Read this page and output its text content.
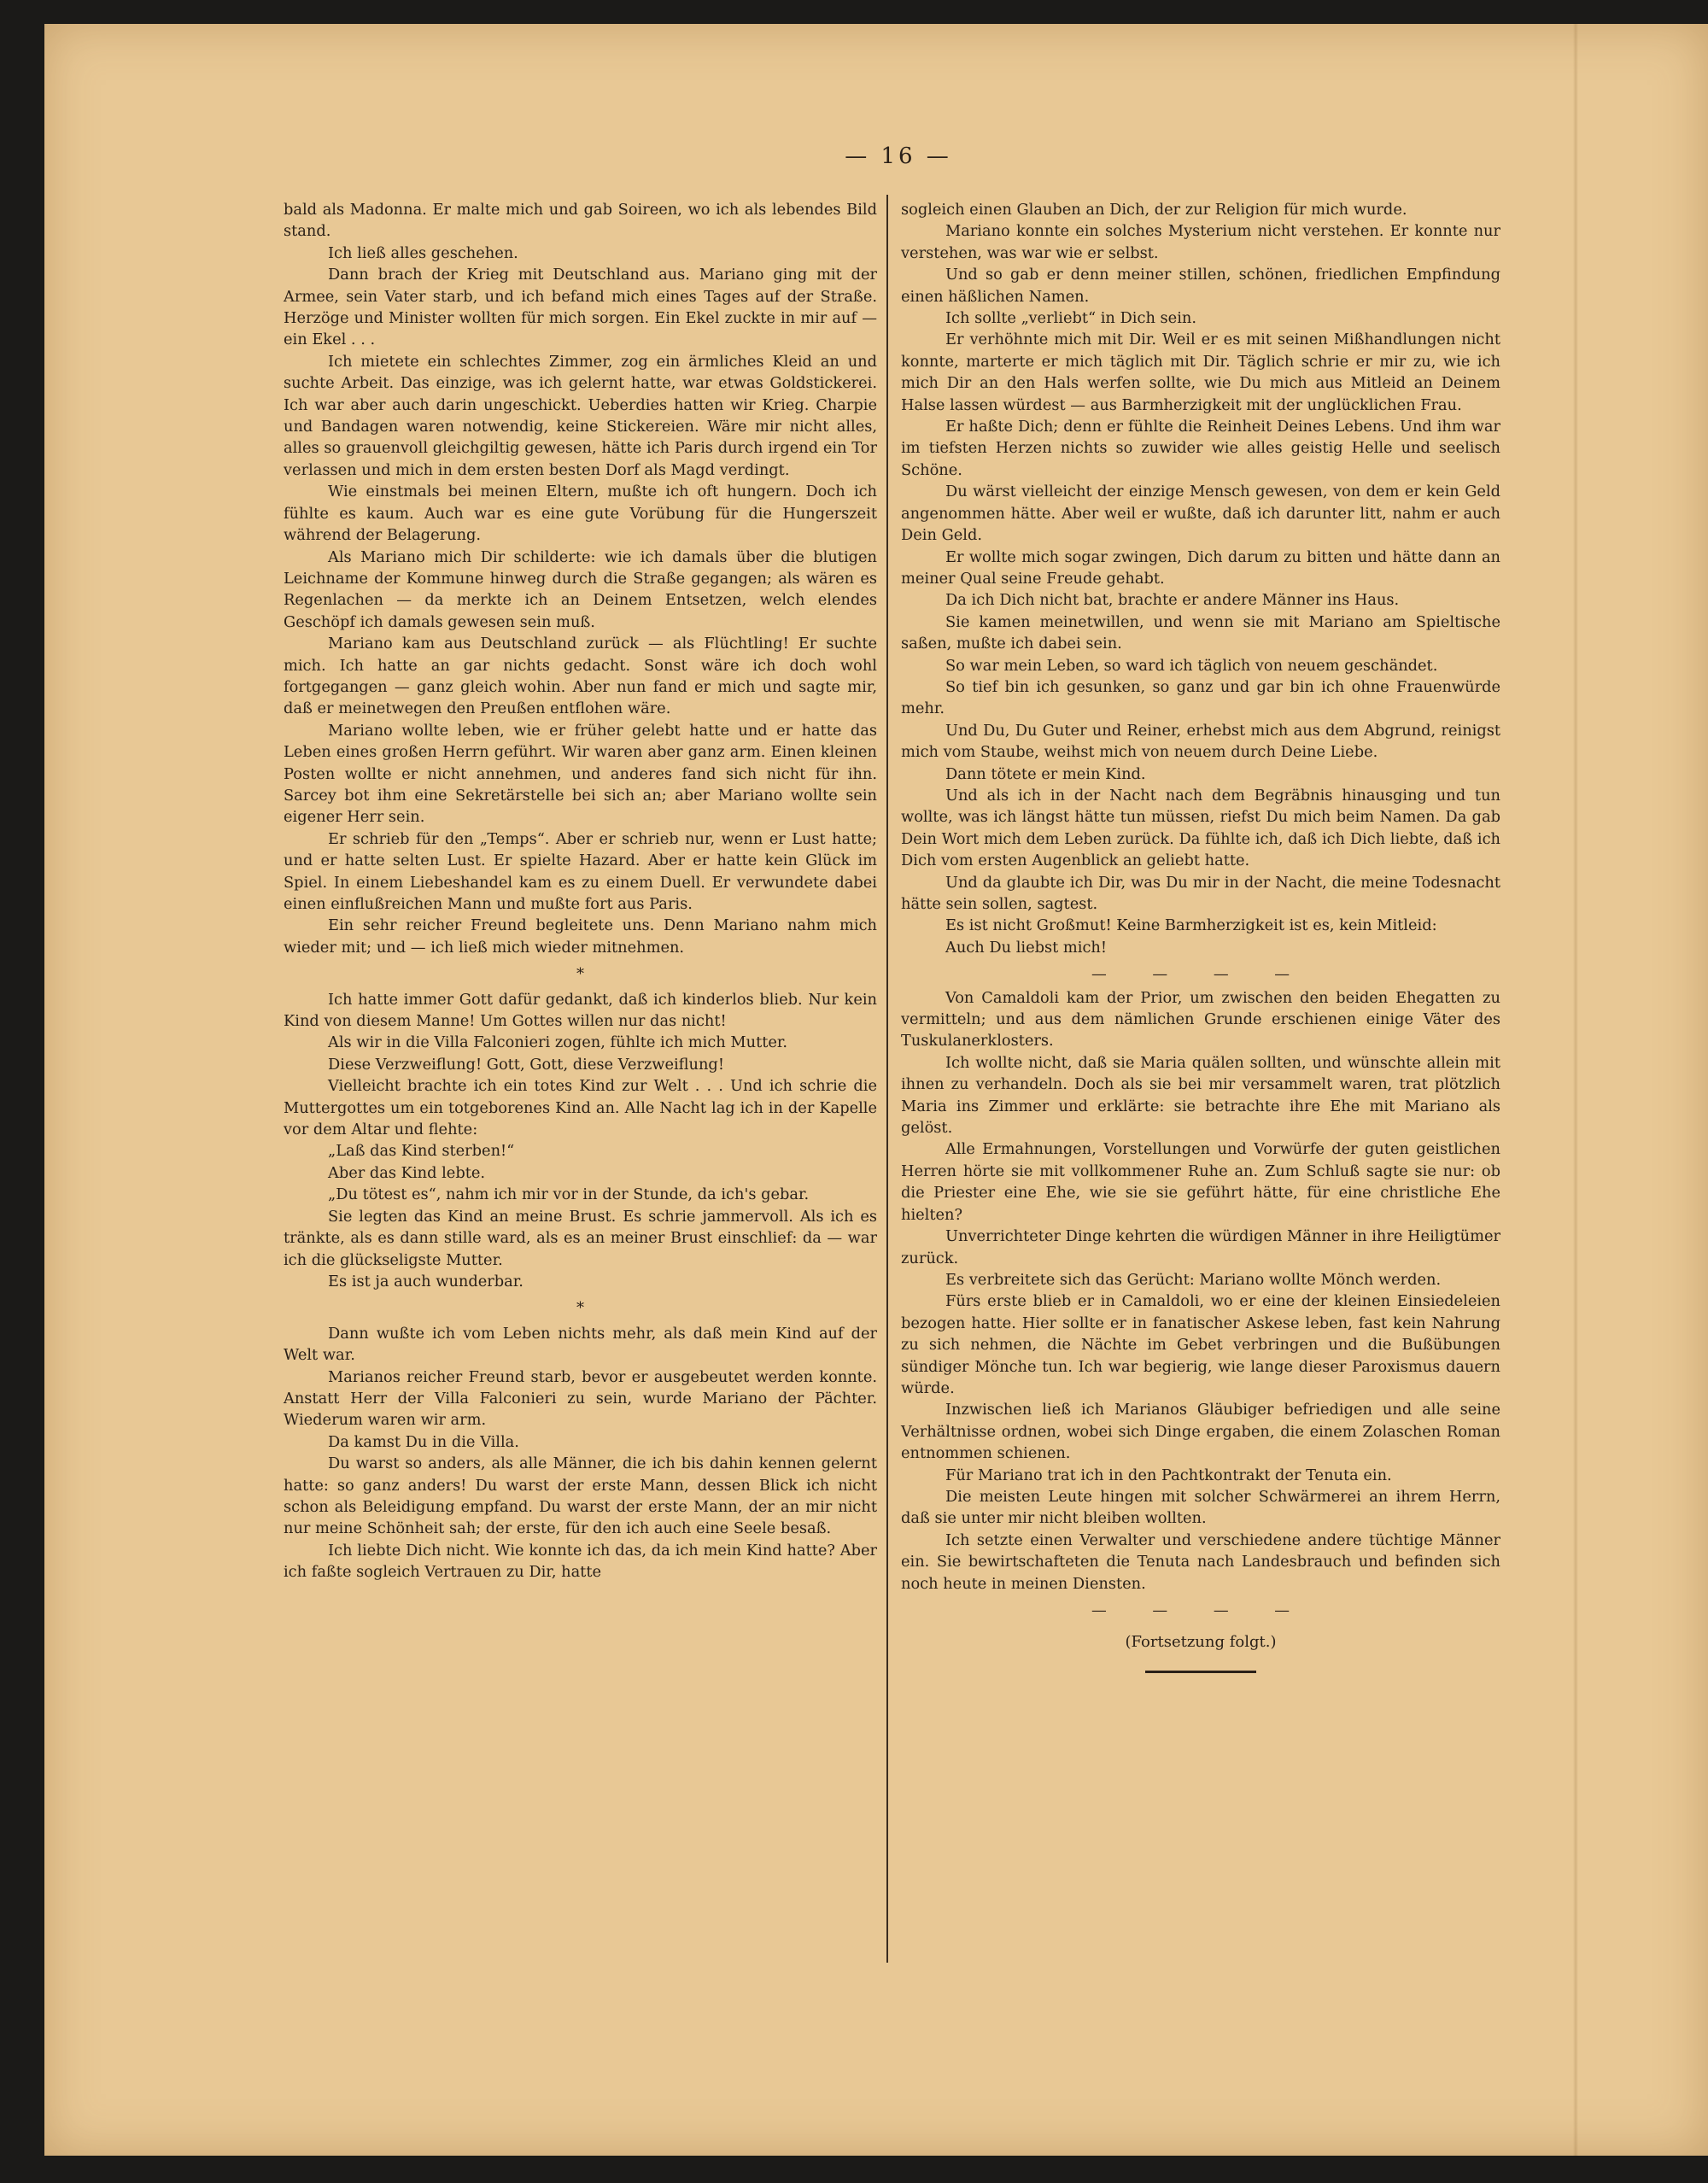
— 16 —

bald als Madonna. Er malte mich und gab Soireen, wo ich als lebendes Bild stand.

Ich ließ alles geschehen.

Dann brach der Krieg mit Deutschland aus. Mariano ging mit der Armee, sein Vater starb, und ich befand mich eines Tages auf der Straße. Herzöge und Minister wollten für mich sorgen. Ein Ekel zuckte in mir auf — ein Ekel . . .

Ich mietete ein schlechtes Zimmer, zog ein ärmliches Kleid an und suchte Arbeit. Das einzige, was ich gelernt hatte, war etwas Goldstickerei. Ich war aber auch darin ungeschickt. Ueberdies hatten wir Krieg. Charpie und Bandagen waren notwendig, keine Stickereien. Wäre mir nicht alles, alles so grauenvoll gleichgiltig gewesen, hätte ich Paris durch irgend ein Tor verlassen und mich in dem ersten besten Dorf als Magd verdingt.

Wie einstmals bei meinen Eltern, mußte ich oft hungern. Doch ich fühlte es kaum. Auch war es eine gute Vorübung für die Hungerszeit während der Belagerung.

Als Mariano mich Dir schilderte: wie ich damals über die blutigen Leichname der Kommune hinweg durch die Straße gegangen; als wären es Regenlachen — da merkte ich an Deinem Entsetzen, welch elendes Geschöpf ich damals gewesen sein muß.

Mariano kam aus Deutschland zurück — als Flüchtling! Er suchte mich. Ich hatte an gar nichts gedacht. Sonst wäre ich doch wohl fortgegangen — ganz gleich wohin. Aber nun fand er mich und sagte mir, daß er meinetwegen den Preußen entflohen wäre.

Mariano wollte leben, wie er früher gelebt hatte und er hatte das Leben eines großen Herrn geführt. Wir waren aber ganz arm. Einen kleinen Posten wollte er nicht annehmen, und anderes fand sich nicht für ihn. Sarcey bot ihm eine Sekretärstelle bei sich an; aber Mariano wollte sein eigener Herr sein.

Er schrieb für den „Temps“. Aber er schrieb nur, wenn er Lust hatte; und er hatte selten Lust. Er spielte Hazard. Aber er hatte kein Glück im Spiel. In einem Liebeshandel kam es zu einem Duell. Er verwundete dabei einen einflußreichen Mann und mußte fort aus Paris.

Ein sehr reicher Freund begleitete uns. Denn Mariano nahm mich wieder mit; und — ich ließ mich wieder mitnehmen.

*

Ich hatte immer Gott dafür gedankt, daß ich kinderlos blieb. Nur kein Kind von diesem Manne! Um Gottes willen nur das nicht!

Als wir in die Villa Falconieri zogen, fühlte ich mich Mutter.

Diese Verzweiflung! Gott, Gott, diese Verzweiflung!

Vielleicht brachte ich ein totes Kind zur Welt . . . Und ich schrie die Muttergottes um ein totgeborenes Kind an. Alle Nacht lag ich in der Kapelle vor dem Altar und flehte:

„Laß das Kind sterben!“

Aber das Kind lebte.

„Du tötest es“, nahm ich mir vor in der Stunde, da ich's gebar.

Sie legten das Kind an meine Brust. Es schrie jammervoll. Als ich es tränkte, als es dann stille ward, als es an meiner Brust einschlief: da — war ich die glückseligste Mutter.

Es ist ja auch wunderbar.

*

Dann wußte ich vom Leben nichts mehr, als daß mein Kind auf der Welt war.

Marianos reicher Freund starb, bevor er ausgebeutet werden konnte. Anstatt Herr der Villa Falconieri zu sein, wurde Mariano der Pächter. Wiederum waren wir arm.

Da kamst Du in die Villa.

Du warst so anders, als alle Männer, die ich bis dahin kennen gelernt hatte: so ganz anders! Du warst der erste Mann, dessen Blick ich nicht schon als Beleidigung empfand. Du warst der erste Mann, der an mir nicht nur meine Schönheit sah; der erste, für den ich auch eine Seele besaß.

Ich liebte Dich nicht. Wie konnte ich das, da ich mein Kind hatte? Aber ich faßte sogleich Vertrauen zu Dir, hatte

sogleich einen Glauben an Dich, der zur Religion für mich wurde.

Mariano konnte ein solches Mysterium nicht verstehen. Er konnte nur verstehen, was war wie er selbst.

Und so gab er denn meiner stillen, schönen, friedlichen Empfindung einen häßlichen Namen.

Ich sollte „verliebt“ in Dich sein.

Er verhöhnte mich mit Dir. Weil er es mit seinen Mißhandlungen nicht konnte, marterte er mich täglich mit Dir. Täglich schrie er mir zu, wie ich mich Dir an den Hals werfen sollte, wie Du mich aus Mitleid an Deinem Halse lassen würdest — aus Barmherzigkeit mit der unglücklichen Frau.

Er haßte Dich; denn er fühlte die Reinheit Deines Lebens. Und ihm war im tiefsten Herzen nichts so zuwider wie alles geistig Helle und seelisch Schöne.

Du wärst vielleicht der einzige Mensch gewesen, von dem er kein Geld angenommen hätte. Aber weil er wußte, daß ich darunter litt, nahm er auch Dein Geld.

Er wollte mich sogar zwingen, Dich darum zu bitten und hätte dann an meiner Qual seine Freude gehabt.

Da ich Dich nicht bat, brachte er andere Männer ins Haus.

Sie kamen meinetwillen, und wenn sie mit Mariano am Spieltische saßen, mußte ich dabei sein.

So war mein Leben, so ward ich täglich von neuem geschändet.

So tief bin ich gesunken, so ganz und gar bin ich ohne Frauenwürde mehr.

Und Du, Du Guter und Reiner, erhebst mich aus dem Abgrund, reinigst mich vom Staube, weihst mich von neuem durch Deine Liebe.

Dann tötete er mein Kind.

Und als ich in der Nacht nach dem Begräbnis hinausging und tun wollte, was ich längst hätte tun müssen, riefst Du mich beim Namen. Da gab Dein Wort mich dem Leben zurück. Da fühlte ich, daß ich Dich liebte, daß ich Dich vom ersten Augenblick an geliebt hatte.

Und da glaubte ich Dir, was Du mir in der Nacht, die meine Todesnacht hätte sein sollen, sagtest.

Es ist nicht Großmut! Keine Barmherzigkeit ist es, kein Mitleid:

Auch Du liebst mich!

— — — —

Von Camaldoli kam der Prior, um zwischen den beiden Ehegatten zu vermitteln; und aus dem nämlichen Grunde erschienen einige Väter des Tuskulanerklosters.

Ich wollte nicht, daß sie Maria quälen sollten, und wünschte allein mit ihnen zu verhandeln. Doch als sie bei mir versammelt waren, trat plötzlich Maria ins Zimmer und erklärte: sie betrachte ihre Ehe mit Mariano als gelöst.

Alle Ermahnungen, Vorstellungen und Vorwürfe der guten geistlichen Herren hörte sie mit vollkommener Ruhe an. Zum Schluß sagte sie nur: ob die Priester eine Ehe, wie sie sie geführt hätte, für eine christliche Ehe hielten?

Unverrichteter Dinge kehrten die würdigen Männer in ihre Heiligtümer zurück.

Es verbreitete sich das Gerücht: Mariano wollte Mönch werden.

Fürs erste blieb er in Camaldoli, wo er eine der kleinen Einsiedeleien bezogen hatte. Hier sollte er in fanatischer Askese leben, fast kein Nahrung zu sich nehmen, die Nächte im Gebet verbringen und die Bußübungen sündiger Mönche tun. Ich war begierig, wie lange dieser Paroxismus dauern würde.

Inzwischen ließ ich Marianos Gläubiger befriedigen und alle seine Verhältnisse ordnen, wobei sich Dinge ergaben, die einem Zolaschen Roman entnommen schienen.

Für Mariano trat ich in den Pachtkontrakt der Tenuta ein.

Die meisten Leute hingen mit solcher Schwärmerei an ihrem Herrn, daß sie unter mir nicht bleiben wollten.

Ich setzte einen Verwalter und verschiedene andere tüchtige Männer ein. Sie bewirtschafteten die Tenuta nach Landesbrauch und befinden sich noch heute in meinen Diensten.

— — — —
(Fortsetzung folgt.)
